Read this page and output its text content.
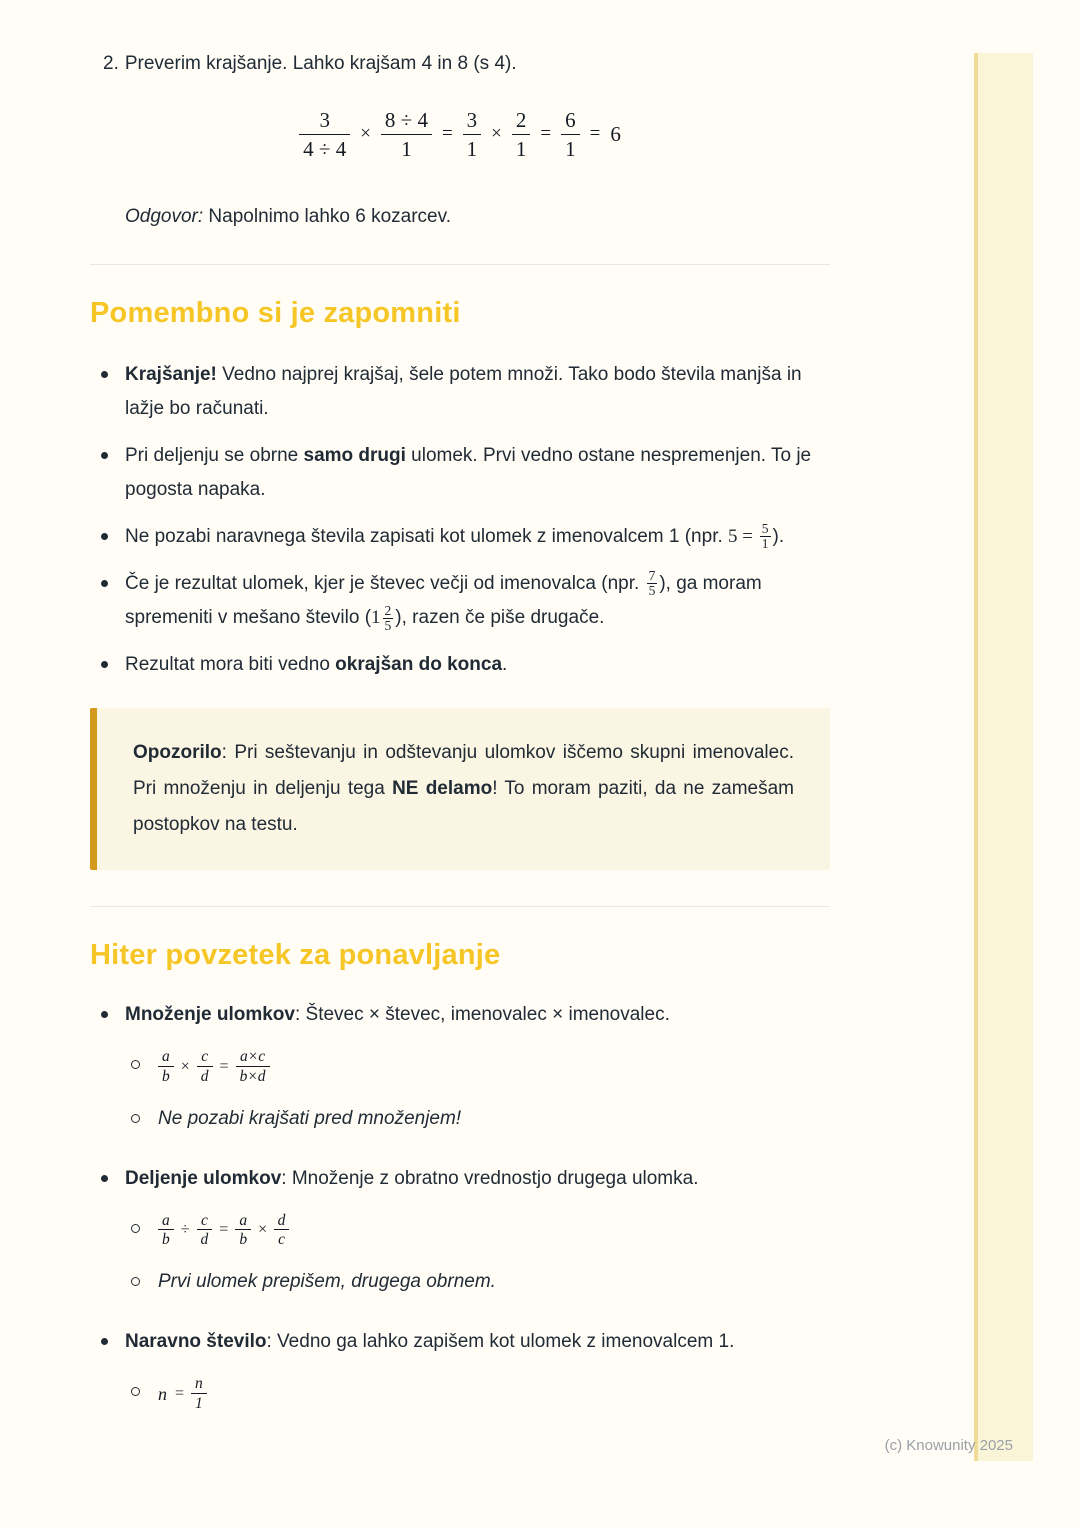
2. Preverim krajšanje. Lahko krajšam 4 in 8 (s 4).
$\frac{3}{4 \div 4} \times \frac{8 \div 4}{1} = \frac{3}{1} \times \frac{2}{1} = \frac{6}{1} = 6$

Odgovor: Napolnimo lahko 6 kozarcev.

Pomembno si je zapomniti
Krajšanje! Vedno najprej krajšaj, šele potem množi. Tako bodo števila manjša in lažje bo računati.
Pri deljenju se obrne samo drugi ulomek. Prvi vedno ostane nespremenjen. To je pogosta napaka.
Ne pozabi naravnega števila zapisati kot ulomek z imenovalcem 1 (npr. $5 = \frac{5}{1}$ ).
Če je rezultat ulomek, kjer je števec večji od imenovalca (npr. $\frac{7}{5}$ ), ga moram spremeniti v mešano število ($1 \frac{2}{5}$ ), razen če piše drugače.
Rezultat mora biti vedno okrajšan do konca.
Opozorilo: Pri seštevanju in odštevanju ulomkov iščemo skupni imenovalec. Pri množenju in deljenju tega NE delamo! To moram paziti, da ne zamešam postopkov na testu.
Hiter povzetek za ponavljanje
Množenje ulomkov: Števec × števec, imenovalec × imenovalec.
$\frac{a}{b} \times \frac{c}{d} = \frac{a\times c}{b\times d}$
Ne pozabi krajšati pred množenjem!
Deljenje ulomkov: Množenje z obratno vrednostjo drugega ulomka.
$\frac{a}{b} \div \frac{c}{d} = \frac{a}{b} \times \frac{d}{c}$
Prvi ulomek prepišem, drugega obrnem.
Naravno število: Vedno ga lahko zapišem kot ulomek z imenovalcem 1.
$n = \frac{n}{1}$
(c) Knowunity 2025
